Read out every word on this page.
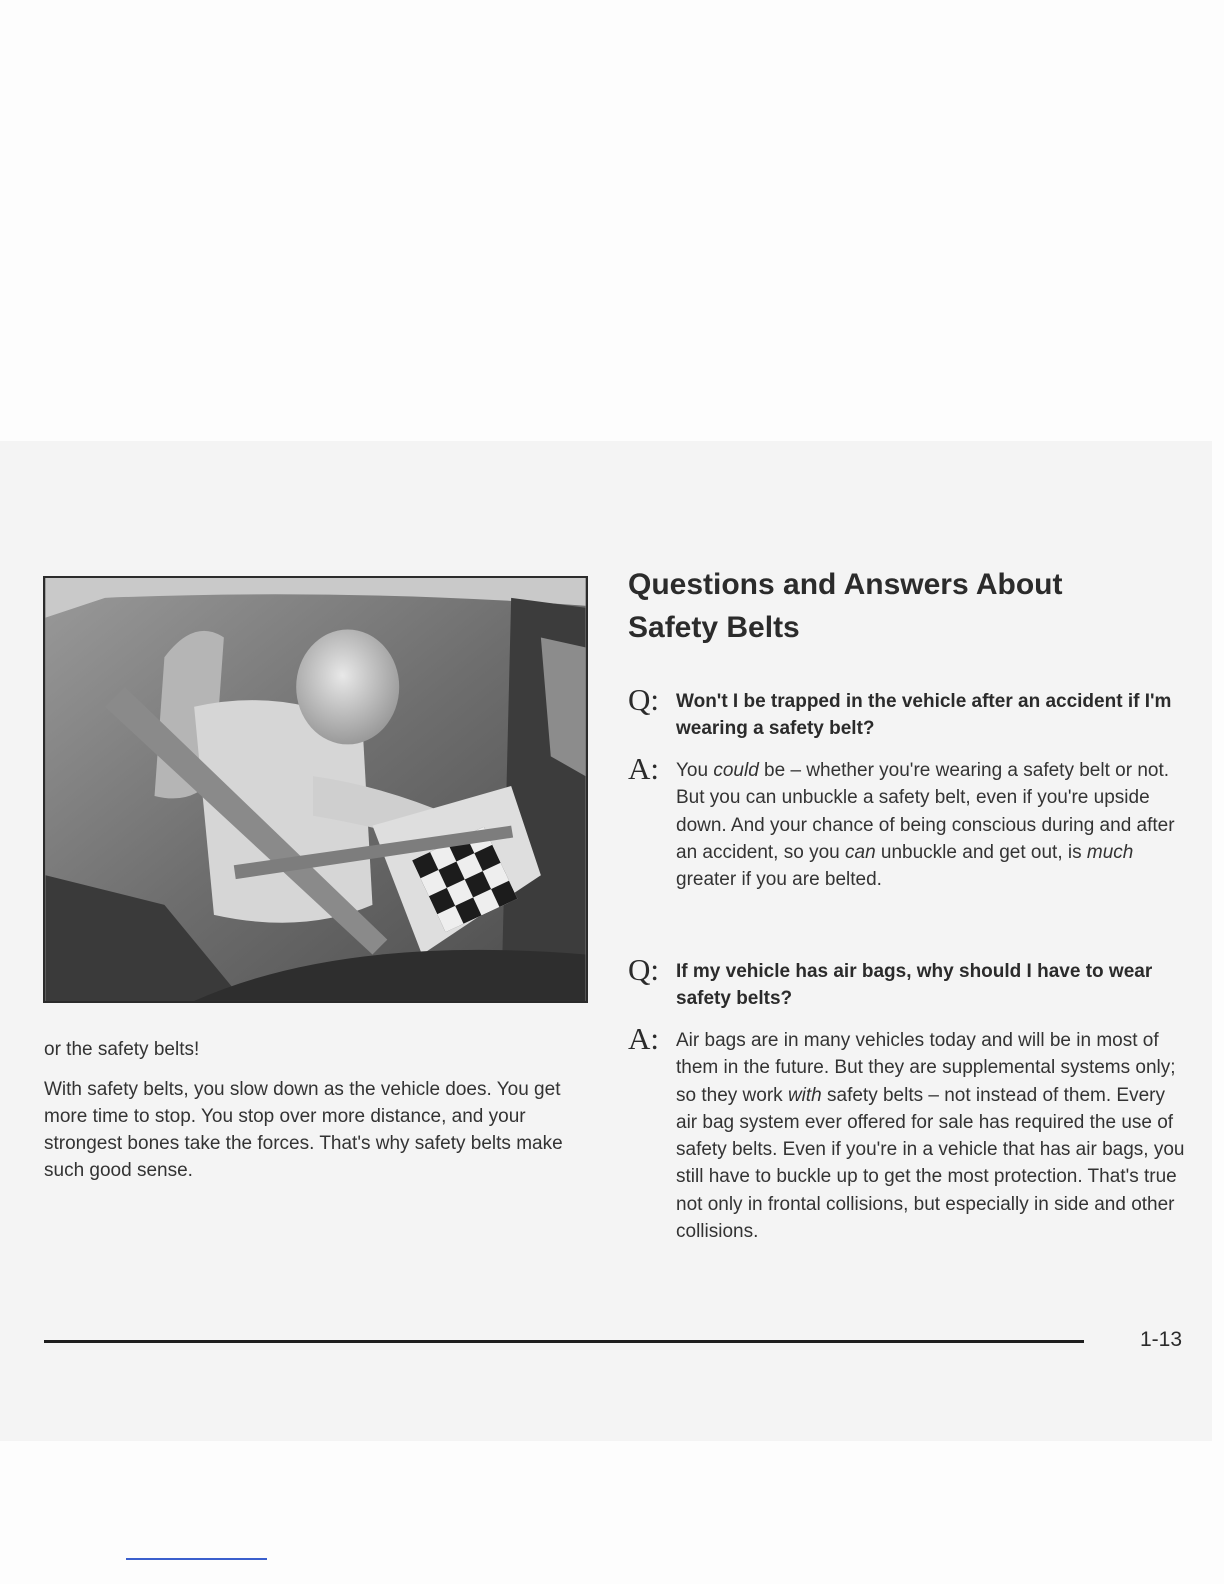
or the safety belts!

With safety belts, you slow down as the vehicle does. You get more time to stop. You stop over more distance, and your strongest bones take the forces. That's why safety belts make such good sense.

Questions and Answers About
Safety Belts
Q: Won't I be trapped in the vehicle after an accident if I'm wearing a safety belt?
A: You could be – whether you're wearing a safety belt or not. But you can unbuckle a safety belt, even if you're upside down. And your chance of being conscious during and after an accident, so you can unbuckle and get out, is much greater if you are belted.
Q: If my vehicle has air bags, why should I have to wear safety belts?
A: Air bags are in many vehicles today and will be in most of them in the future. But they are supplemental systems only; so they work with safety belts – not instead of them. Every air bag system ever offered for sale has required the use of safety belts. Even if you're in a vehicle that has air bags, you still have to buckle up to get the most protection. That's true not only in frontal collisions, but especially in side and other collisions.
1-13
